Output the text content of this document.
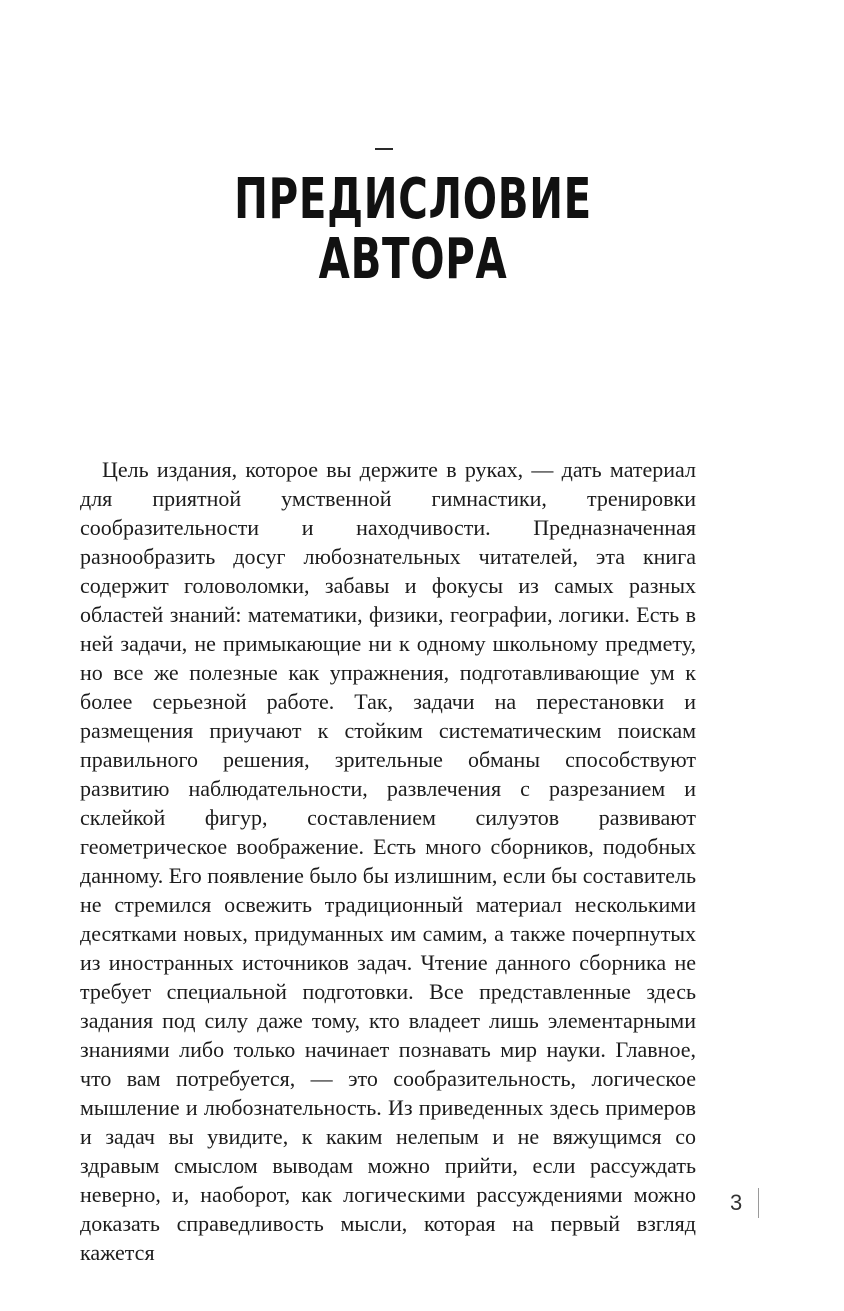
ПРЕДИСЛОВИЕ
АВТОРА

Цель издания, которое вы держите в руках, — дать материал для приятной умственной гимнастики, тренировки сообразительности и находчивости. Предназначенная разнообразить досуг любознательных читателей, эта книга содержит головоломки, забавы и фокусы из самых разных областей знаний: математики, физики, географии, логики. Есть в ней задачи, не примыкающие ни к одному школьному предмету, но все же полезные как упражнения, подготавливающие ум к более серьезной работе. Так, задачи на перестановки и размещения приучают к стойким систематическим поискам правильного решения, зрительные обманы способствуют развитию наблюдательности, развлечения с разрезанием и склейкой фигур, составлением силуэтов развивают геометрическое воображение. Есть много сборников, подобных данному. Его появление было бы излишним, если бы составитель не стремился освежить традиционный материал несколькими десятками новых, придуманных им самим, а также почерпнутых из иностранных источников задач. Чтение данного сборника не требует специальной подготовки. Все представленные здесь задания под силу даже тому, кто владеет лишь элементарными знаниями либо только начинает познавать мир науки. Главное, что вам потребуется, — это сообразительность, логическое мышление и любознательность. Из приведенных здесь примеров и задач вы увидите, к каким нелепым и не вяжущимся со здравым смыслом выводам можно прийти, если рассуждать неверно, и, наоборот, как логическими рассуждениями можно доказать справедливость мысли, которая на первый взгляд кажется

3
